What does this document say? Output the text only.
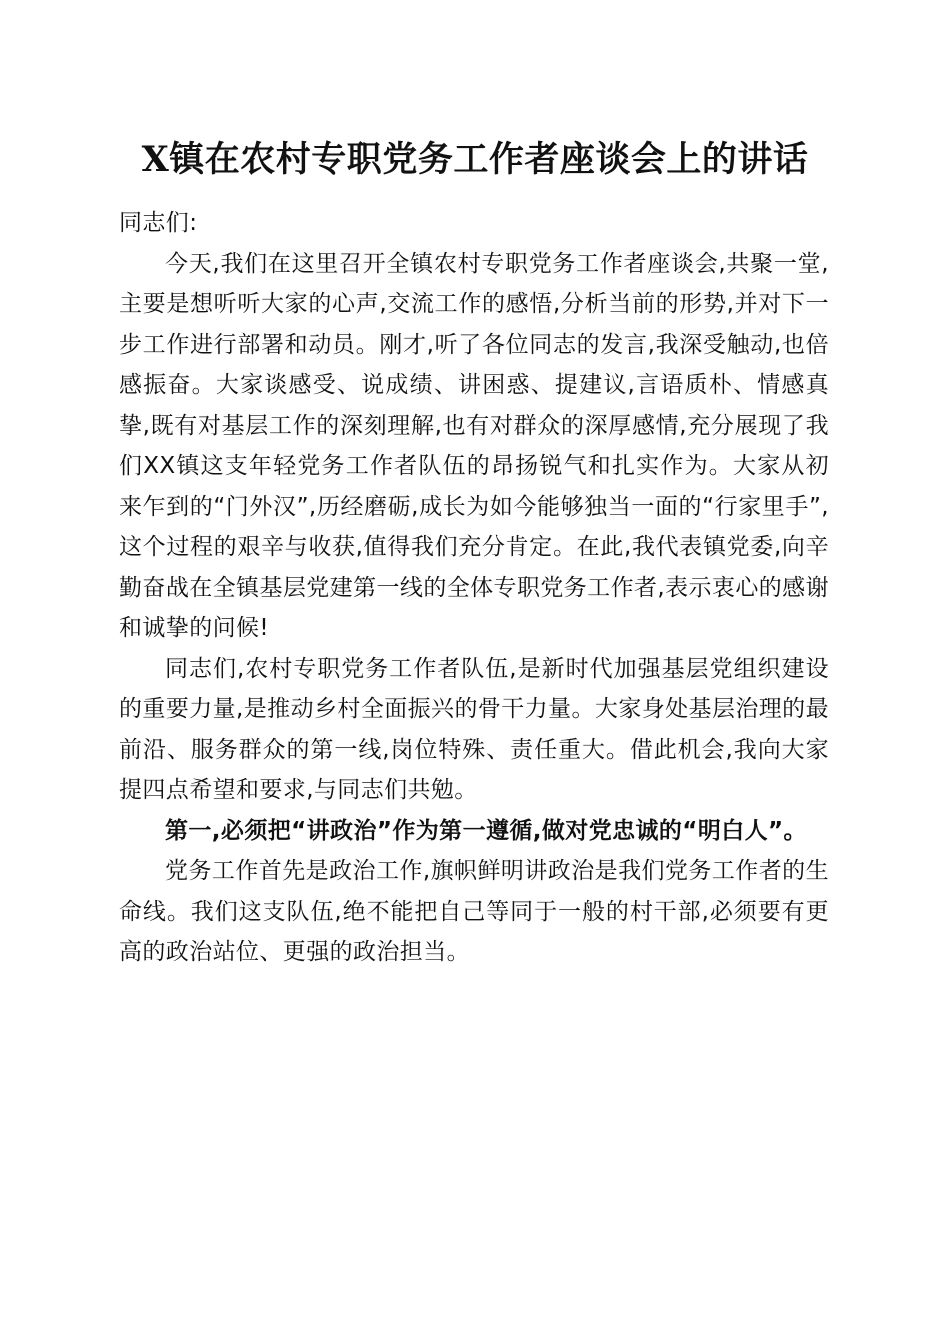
X镇在农村专职党务工作者座谈会上的讲话

同志们:

今天,我们在这里召开全镇农村专职党务工作者座谈会,共聚一堂,主要是想听听大家的心声,交流工作的感悟,分析当前的形势,并对下一步工作进行部署和动员。刚才,听了各位同志的发言,我深受触动,也倍感振奋。大家谈感受、说成绩、讲困惑、提建议,言语质朴、情感真挚,既有对基层工作的深刻理解,也有对群众的深厚感情,充分展现了我们XX镇这支年轻党务工作者队伍的昂扬锐气和扎实作为。大家从初来乍到的“门外汉”,历经磨砺,成长为如今能够独当一面的“行家里手”,这个过程的艰辛与收获,值得我们充分肯定。在此,我代表镇党委,向辛勤奋战在全镇基层党建第一线的全体专职党务工作者,表示衷心的感谢和诚挚的问候!

同志们,农村专职党务工作者队伍,是新时代加强基层党组织建设的重要力量,是推动乡村全面振兴的骨干力量。大家身处基层治理的最前沿、服务群众的第一线,岗位特殊、责任重大。借此机会,我向大家提四点希望和要求,与同志们共勉。

第一,必须把“讲政治”作为第一遵循,做对党忠诚的“明白人”。

党务工作首先是政治工作,旗帜鲜明讲政治是我们党务工作者的生命线。我们这支队伍,绝不能把自己等同于一般的村干部,必须要有更高的政治站位、更强的政治担当。
